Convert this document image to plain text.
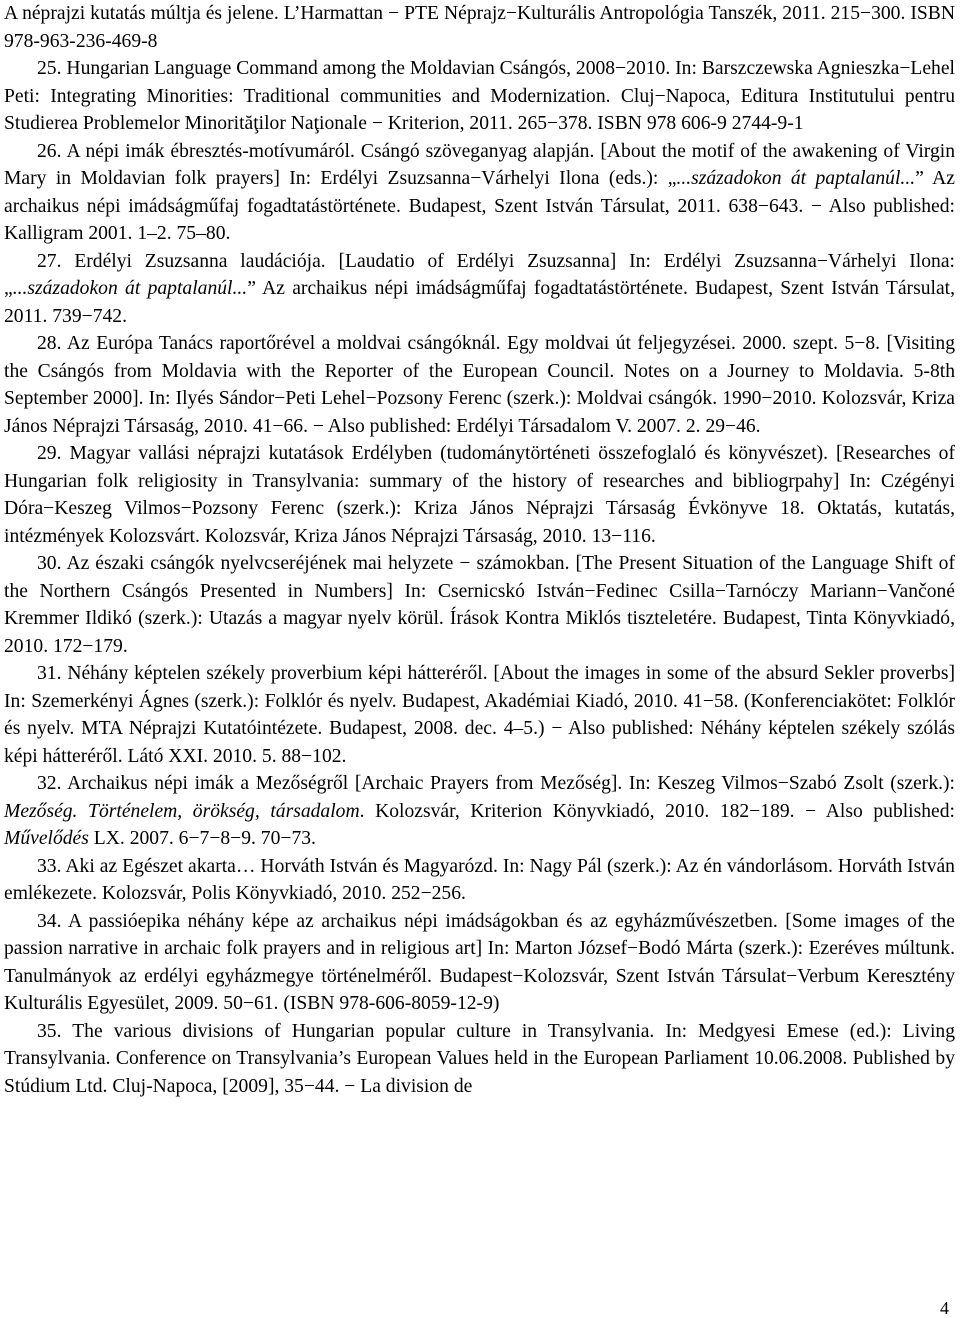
A néprajzi kutatás múltja és jelene. L’Harmattan − PTE Néprajz−Kulturális Antropológia Tanszék, 2011. 215−300. ISBN 978-963-236-469-8

25. Hungarian Language Command among the Moldavian Csángós, 2008−2010. In: Barszczewska Agnieszka−Lehel Peti: Integrating Minorities: Traditional communities and Modernization. Cluj−Napoca, Editura Institutului pentru Studierea Problemelor Minorităţilor Naţionale − Kriterion, 2011. 265−378. ISBN 978 606-9 2744-9-1

26. A népi imák ébresztés-motívumáról. Csángó szöveganyag alapján. [About the motif of the awakening of Virgin Mary in Moldavian folk prayers] In: Erdélyi Zsuzsanna−Várhelyi Ilona (eds.): „...századokon át paptalanúl...” Az archaikus népi imádságműfaj fogadtatástörténete. Budapest, Szent István Társulat, 2011. 638−643. − Also published: Kalligram 2001. 1–2. 75–80.

27. Erdélyi Zsuzsanna laudációja. [Laudatio of Erdélyi Zsuzsanna] In: Erdélyi Zsuzsanna−Várhelyi Ilona: „...századokon át paptalanúl...” Az archaikus népi imádságműfaj fogadtatástörténete. Budapest, Szent István Társulat, 2011. 739−742.

28. Az Európa Tanács raportőrével a moldvai csángóknál. Egy moldvai út feljegyzései. 2000. szept. 5−8. [Visiting the Csángós from Moldavia with the Reporter of the European Council. Notes on a Journey to Moldavia. 5-8th September 2000]. In: Ilyés Sándor−Peti Lehel−Pozsony Ferenc (szerk.): Moldvai csángók. 1990−2010. Kolozsvár, Kriza János Néprajzi Társaság, 2010. 41−66. − Also published: Erdélyi Társadalom V. 2007. 2. 29−46.

29. Magyar vallási néprajzi kutatások Erdélyben (tudománytörténeti összefoglaló és könyvészet). [Researches of Hungarian folk religiosity in Transylvania: summary of the history of researches and bibliogrpahy] In: Czégényi Dóra−Keszeg Vilmos−Pozsony Ferenc (szerk.): Kriza János Néprajzi Társaság Évkönyve 18. Oktatás, kutatás, intézmények Kolozsvárt. Kolozsvár, Kriza János Néprajzi Társaság, 2010. 13−116.

30. Az északi csángók nyelvcseréjének mai helyzete − számokban. [The Present Situation of the Language Shift of the Northern Csángós Presented in Numbers] In: Csernicskó István−Fedinec Csilla−Tarnóczy Mariann−Vančoné Kremmer Ildikó (szerk.): Utazás a magyar nyelv körül. Írások Kontra Miklós tiszteletére. Budapest, Tinta Könyvkiadó, 2010. 172−179.

31. Néhány képtelen székely proverbium képi hátteréről. [About the images in some of the absurd Sekler proverbs] In: Szemerkényi Ágnes (szerk.): Folklór és nyelv. Budapest, Akadémiai Kiadó, 2010. 41−58. (Konferenciakötet: Folklór és nyelv. MTA Néprajzi Kutatóintézete. Budapest, 2008. dec. 4–5.) − Also published: Néhány képtelen székely szólás képi hátteréről. Látó XXI. 2010. 5. 88−102.

32. Archaikus népi imák a Mezőségről [Archaic Prayers from Mezőség]. In: Keszeg Vilmos−Szabó Zsolt (szerk.): Mezőség. Történelem, örökség, társadalom. Kolozsvár, Kriterion Könyvkiadó, 2010. 182−189. − Also published: Művelődés LX. 2007. 6−7−8−9. 70−73.

33. Aki az Egészet akarta… Horváth István és Magyarózd. In: Nagy Pál (szerk.): Az én vándorlásom. Horváth István emlékezete. Kolozsvár, Polis Könyvkiadó, 2010. 252−256.

34. A passióepika néhány képe az archaikus népi imádságokban és az egyházművészetben. [Some images of the passion narrative in archaic folk prayers and in religious art] In: Marton József−Bodó Márta (szerk.): Ezeréves múltunk. Tanulmányok az erdélyi egyházmegye történelméről. Budapest−Kolozsvár, Szent István Társulat−Verbum Keresztény Kulturális Egyesület, 2009. 50−61. (ISBN 978-606-8059-12-9)

35. The various divisions of Hungarian popular culture in Transylvania. In: Medgyesi Emese (ed.): Living Transylvania. Conference on Transylvania’s European Values held in the European Parliament 10.06.2008. Published by Stúdium Ltd. Cluj-Napoca, [2009], 35−44. − La division de

4
